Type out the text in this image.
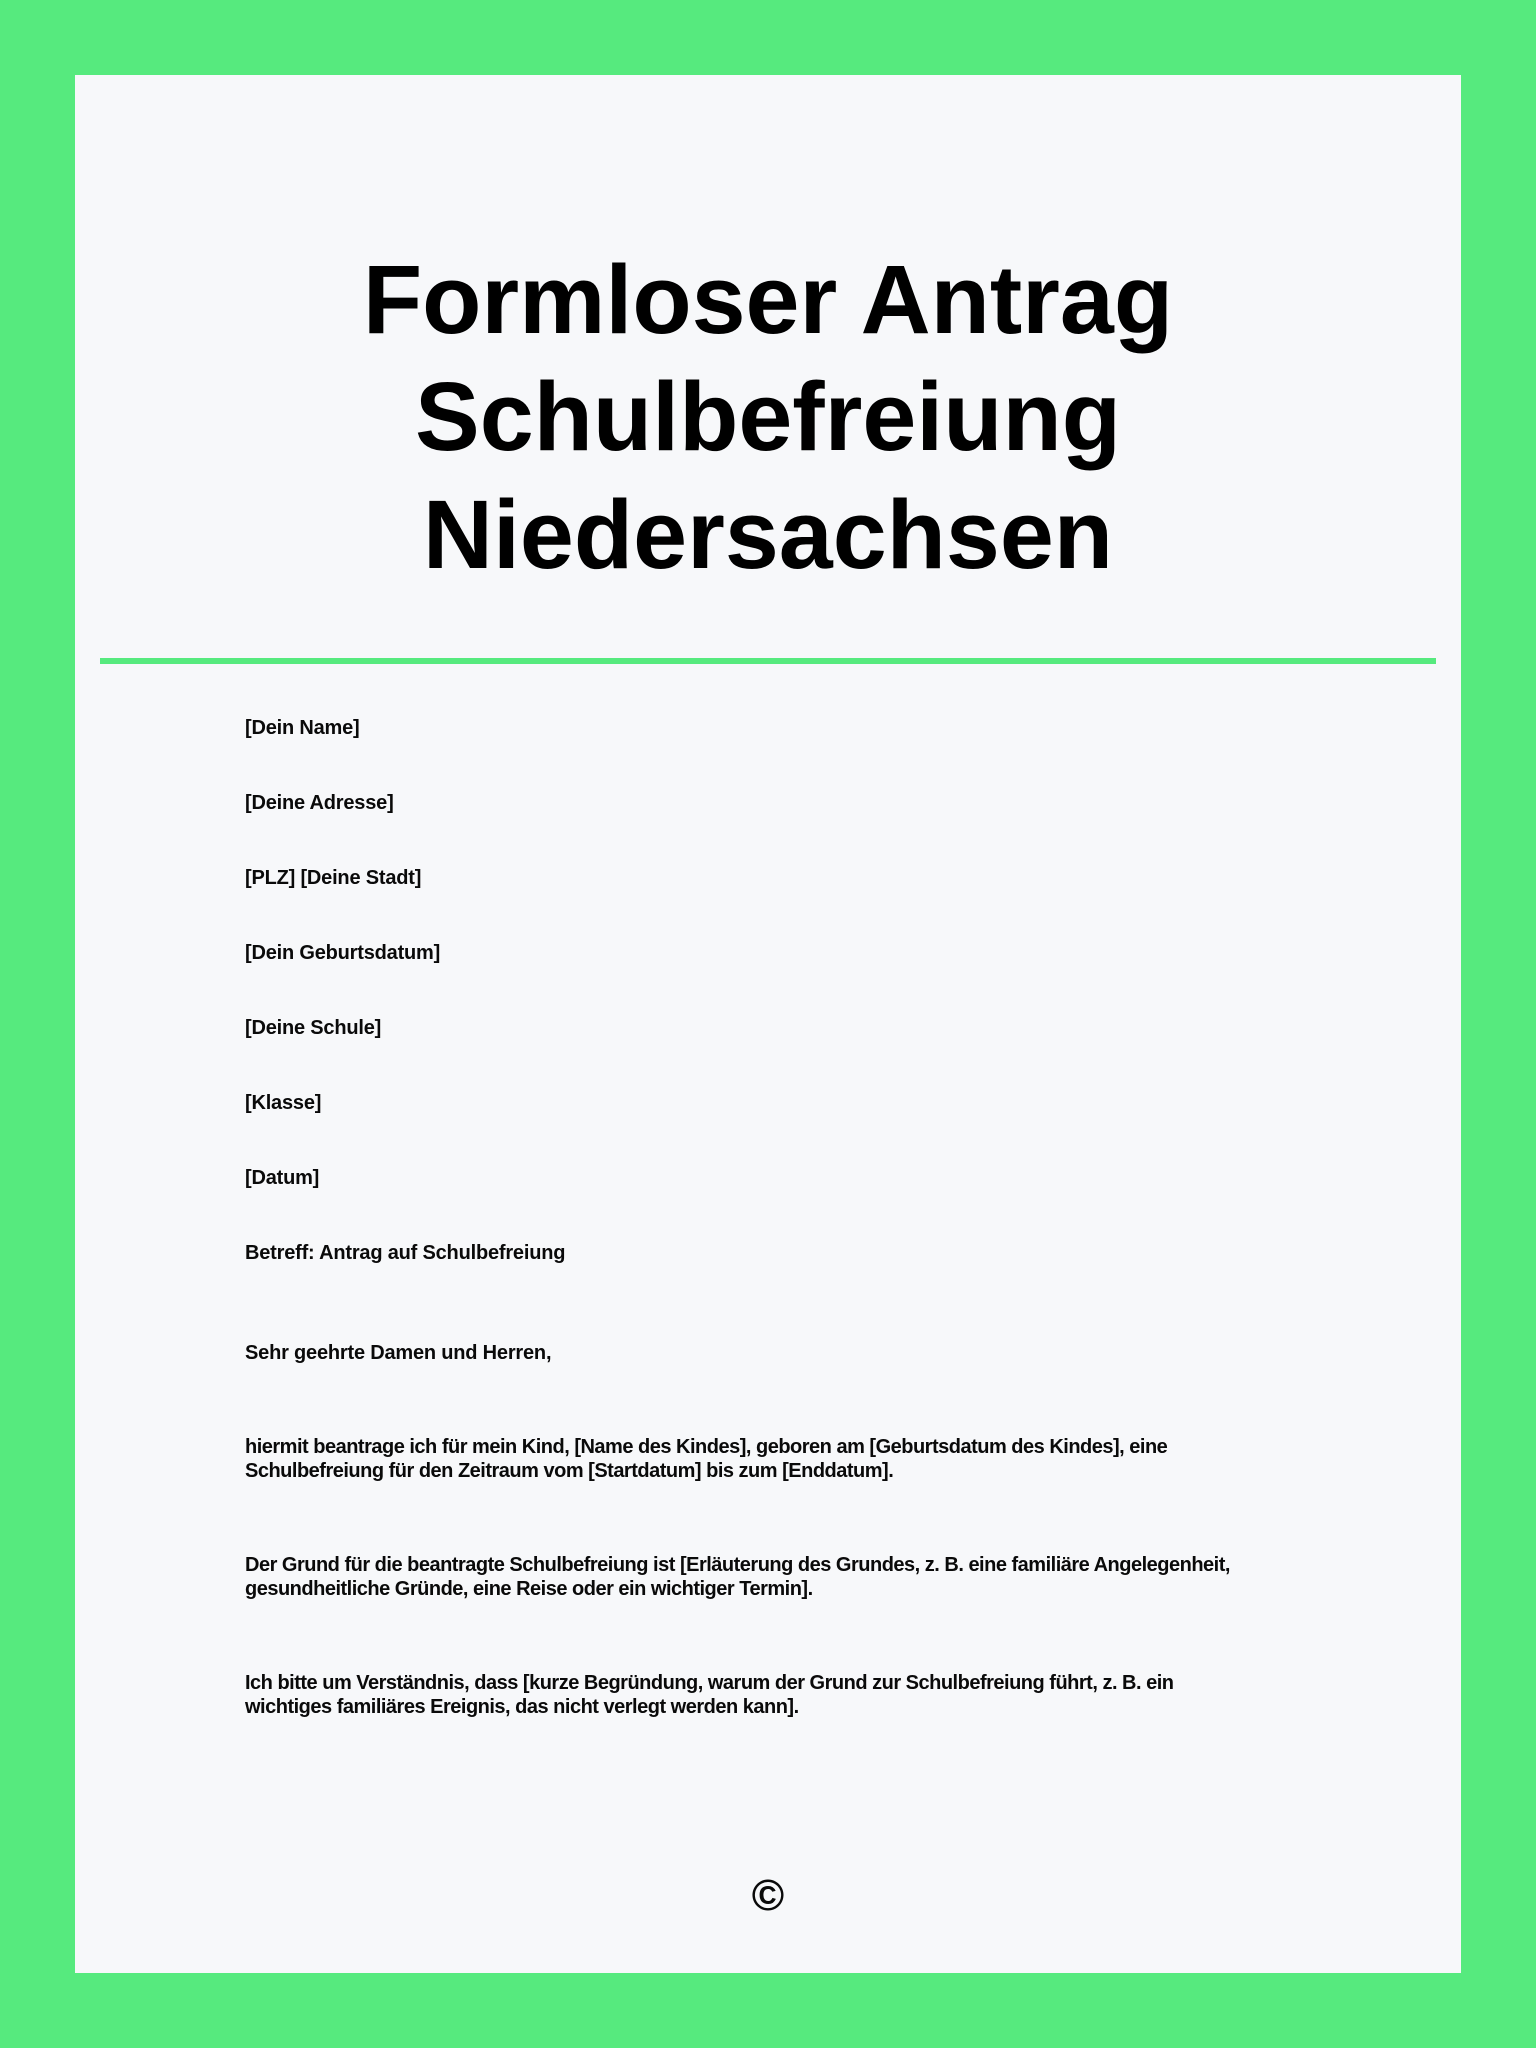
Formloser Antrag Schulbefreiung Niedersachsen
[Dein Name]
[Deine Adresse]
[PLZ] [Deine Stadt]
[Dein Geburtsdatum]
[Deine Schule]
[Klasse]
[Datum]
Betreff: Antrag auf Schulbefreiung
Sehr geehrte Damen und Herren,

hiermit beantrage ich für mein Kind, [Name des Kindes], geboren am [Geburtsdatum des Kindes], eine Schulbefreiung für den Zeitraum vom [Startdatum] bis zum [Enddatum].

Der Grund für die beantragte Schulbefreiung ist [Erläuterung des Grundes, z. B. eine familiäre Angelegenheit, gesundheitliche Gründe, eine Reise oder ein wichtiger Termin].

Ich bitte um Verständnis, dass [kurze Begründung, warum der Grund zur Schulbefreiung führt, z. B. ein wichtiges familiäres Ereignis, das nicht verlegt werden kann].

©
